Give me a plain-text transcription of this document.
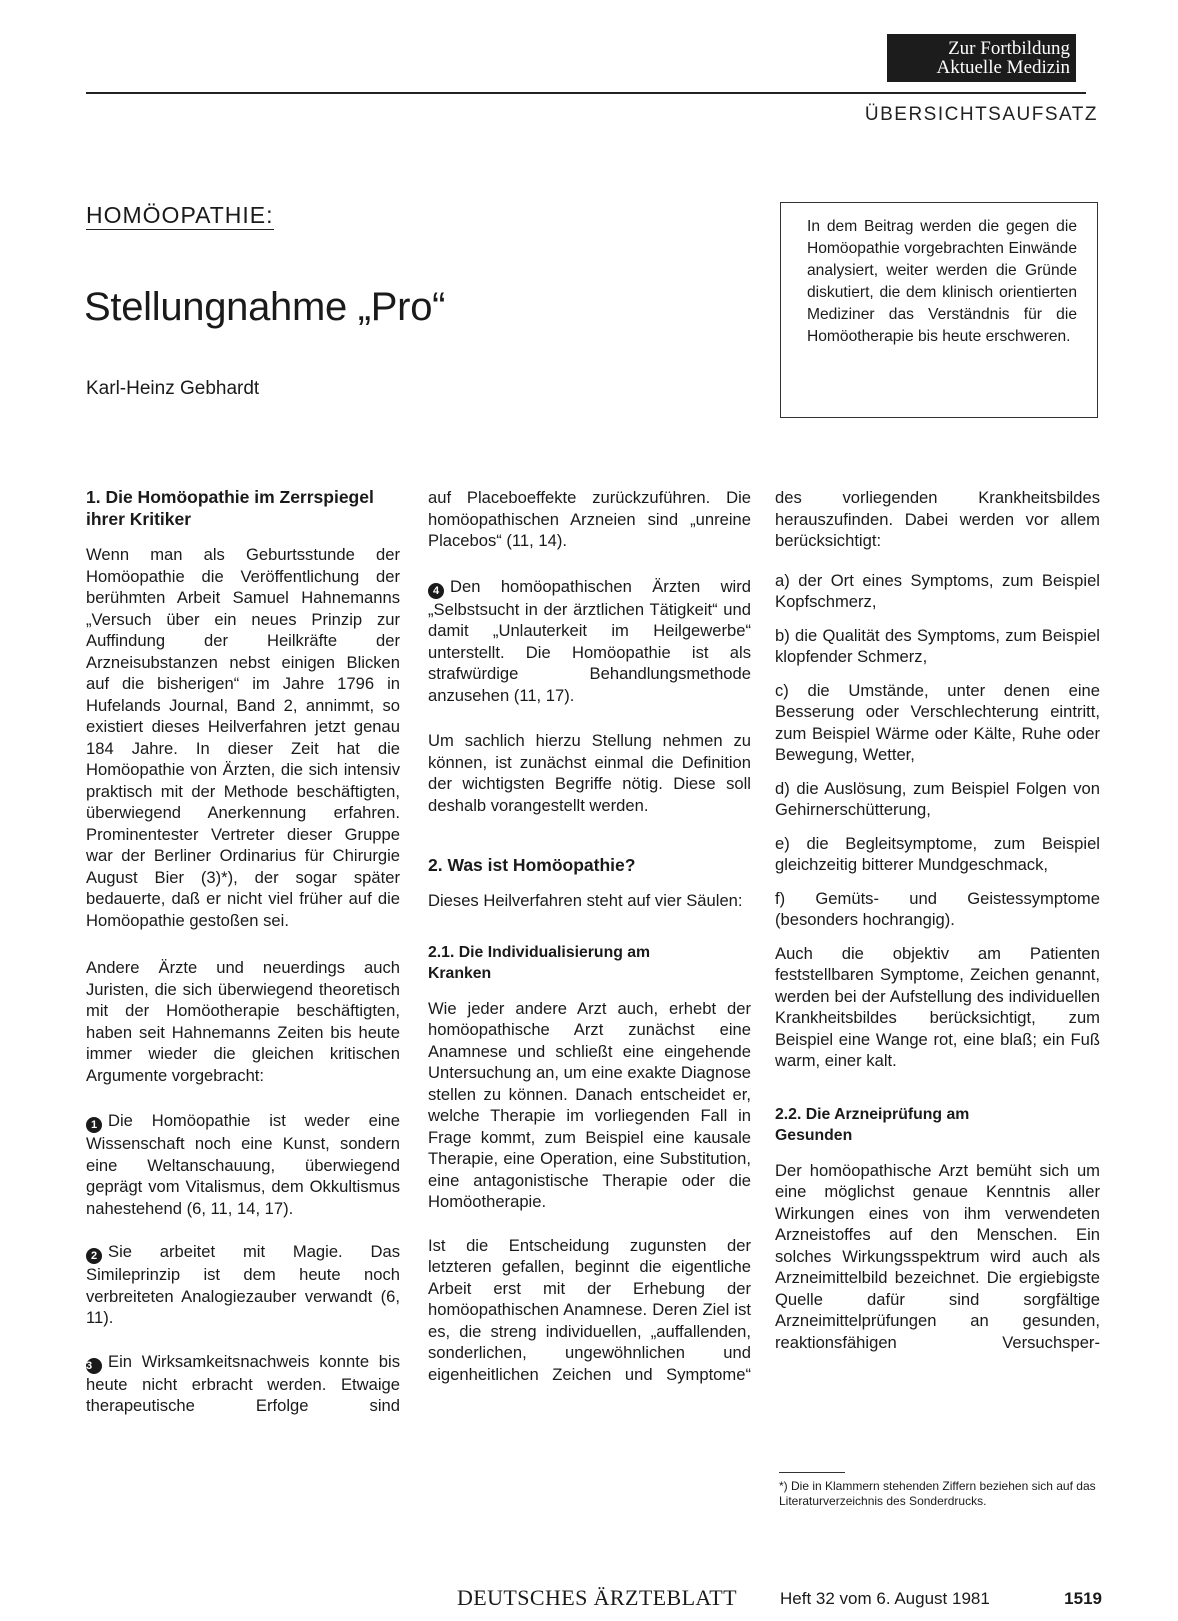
Zur Fortbildung
Aktuelle Medizin
ÜBERSICHTSAUFSATZ
HOMÖOPATHIE:
Stellungnahme „Pro“
Karl-Heinz Gebhardt
In dem Beitrag werden die gegen die Homöopathie vorgebrachten Einwände analysiert, weiter werden die Gründe diskutiert, die dem klinisch orientierten Mediziner das Verständnis für die Homöotherapie bis heute erschweren.
1. Die Homöopathie im Zerrspiegel ihrer Kritiker

Wenn man als Geburtsstunde der Homöopathie die Veröffentlichung der berühmten Arbeit Samuel Hahnemanns „Versuch über ein neues Prinzip zur Auffindung der Heilkräfte der Arzneisubstanzen nebst einigen Blicken auf die bisherigen“ im Jahre 1796 in Hufelands Journal, Band 2, annimmt, so existiert dieses Heilverfahren jetzt genau 184 Jahre. In dieser Zeit hat die Homöopathie von Ärzten, die sich intensiv praktisch mit der Methode beschäftigten, überwiegend Anerkennung erfahren. Prominentester Vertreter dieser Gruppe war der Berliner Ordinarius für Chirurgie August Bier (3)*), der sogar später bedauerte, daß er nicht viel früher auf die Homöopathie gestoßen sei.

Andere Ärzte und neuerdings auch Juristen, die sich überwiegend theoretisch mit der Homöotherapie beschäftigten, haben seit Hahnemanns Zeiten bis heute immer wieder die gleichen kritischen Argumente vorgebracht:

1 Die Homöopathie ist weder eine Wissenschaft noch eine Kunst, sondern eine Weltanschauung, überwiegend geprägt vom Vitalismus, dem Okkultismus nahestehend (6, 11, 14, 17).

2 Sie arbeitet mit Magie. Das Simileprinzip ist dem heute noch verbreiteten Analogiezauber verwandt (6, 11).

3 Ein Wirksamkeitsnachweis konnte bis heute nicht erbracht werden. Etwaige therapeutische Erfolge sind

auf Placeboeffekte zurückzuführen. Die homöopathischen Arzneien sind „unreine Placebos“ (11, 14).

4 Den homöopathischen Ärzten wird „Selbstsucht in der ärztlichen Tätigkeit“ und damit „Unlauterkeit im Heilgewerbe“ unterstellt. Die Homöopathie ist als strafwürdige Behandlungsmethode anzusehen (11, 17).

Um sachlich hierzu Stellung nehmen zu können, ist zunächst einmal die Definition der wichtigsten Begriffe nötig. Diese soll deshalb vorangestellt werden.

2. Was ist Homöopathie?

Dieses Heilverfahren steht auf vier Säulen:

2.1. Die Individualisierung am Kranken

Wie jeder andere Arzt auch, erhebt der homöopathische Arzt zunächst eine Anamnese und schließt eine eingehende Untersuchung an, um eine exakte Diagnose stellen zu können. Danach entscheidet er, welche Therapie im vorliegenden Fall in Frage kommt, zum Beispiel eine kausale Therapie, eine Operation, eine Substitution, eine antagonistische Therapie oder die Homöotherapie.

Ist die Entscheidung zugunsten der letzteren gefallen, beginnt die eigentliche Arbeit erst mit der Erhebung der homöopathischen Anamnese. Deren Ziel ist es, die streng individuellen, „auffallenden, sonderlichen, ungewöhnlichen und eigenheitlichen Zeichen und Symptome“

des vorliegenden Krankheitsbildes herauszufinden. Dabei werden vor allem berücksichtigt:

a) der Ort eines Symptoms, zum Beispiel Kopfschmerz,

b) die Qualität des Symptoms, zum Beispiel klopfender Schmerz,

c) die Umstände, unter denen eine Besserung oder Verschlechterung eintritt, zum Beispiel Wärme oder Kälte, Ruhe oder Bewegung, Wetter,

d) die Auslösung, zum Beispiel Folgen von Gehirnerschütterung,

e) die Begleitsymptome, zum Beispiel gleichzeitig bitterer Mundgeschmack,

f) Gemüts- und Geistessymptome (besonders hochrangig).

Auch die objektiv am Patienten feststellbaren Symptome, Zeichen genannt, werden bei der Aufstellung des individuellen Krankheitsbildes berücksichtigt, zum Beispiel eine Wange rot, eine blaß; ein Fuß warm, einer kalt.

2.2. Die Arzneiprüfung am Gesunden

Der homöopathische Arzt bemüht sich um eine möglichst genaue Kenntnis aller Wirkungen eines von ihm verwendeten Arzneistoffes auf den Menschen. Ein solches Wirkungsspektrum wird auch als Arzneimittelbild bezeichnet. Die ergiebigste Quelle dafür sind sorgfältige Arzneimittelprüfungen an gesunden, reaktionsfähigen Versuchsper-

*) Die in Klammern stehenden Ziffern beziehen sich auf das Literaturverzeichnis des Sonderdrucks.
DEUTSCHES ÄRZTEBLATT	Heft 32 vom 6. August 1981	1519
